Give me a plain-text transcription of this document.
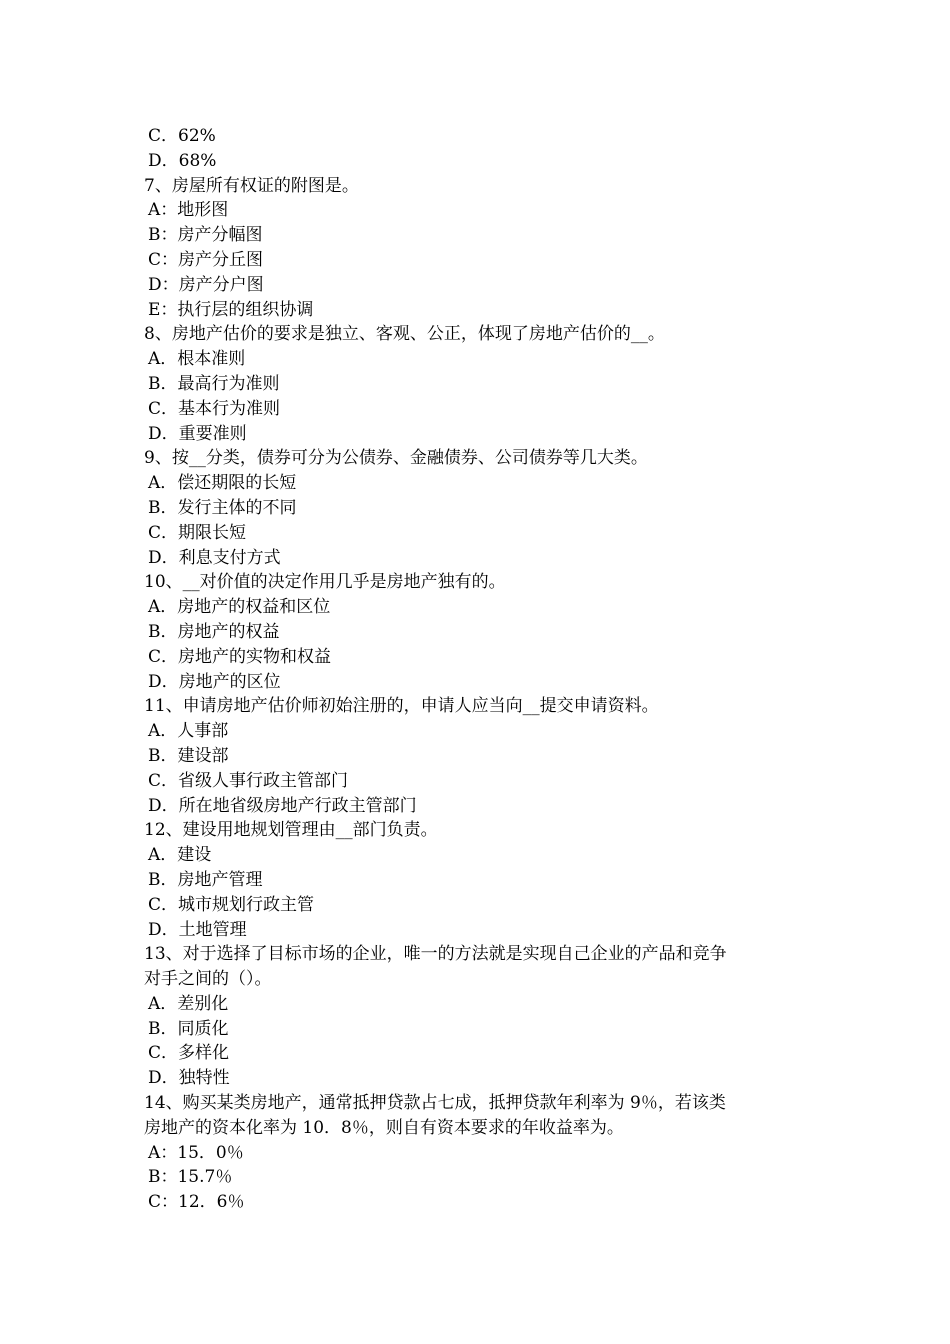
C．62%

D．68%

7、房屋所有权证的附图是。

A：地形图

B：房产分幅图

C：房产分丘图

D：房产分户图

E：执行层的组织协调

8、房地产估价的要求是独立、客观、公正，体现了房地产估价的__。

A．根本准则

B．最高行为准则

C．基本行为准则

D．重要准则

9、按__分类，债券可分为公债券、金融债券、公司债券等几大类。

A．偿还期限的长短

B．发行主体的不同

C．期限长短

D．利息支付方式

10、__对价值的决定作用几乎是房地产独有的。

A．房地产的权益和区位

B．房地产的权益

C．房地产的实物和权益

D．房地产的区位

11、申请房地产估价师初始注册的，申请人应当向__提交申请资料。

A．人事部

B．建设部

C．省级人事行政主管部门

D．所在地省级房地产行政主管部门

12、建设用地规划管理由__部门负责。

A．建设

B．房地产管理

C．城市规划行政主管

D．土地管理

13、对于选择了目标市场的企业，唯一的方法就是实现自己企业的产品和竞争

对手之间的（）。

A．差别化

B．同质化

C．多样化

D．独特性

14、购买某类房地产，通常抵押贷款占七成，抵押贷款年利率为 9％，若该类

房地产的资本化率为 10．8％，则自有资本要求的年收益率为。

A：15．0％

B：15.7％

C：12．6％
